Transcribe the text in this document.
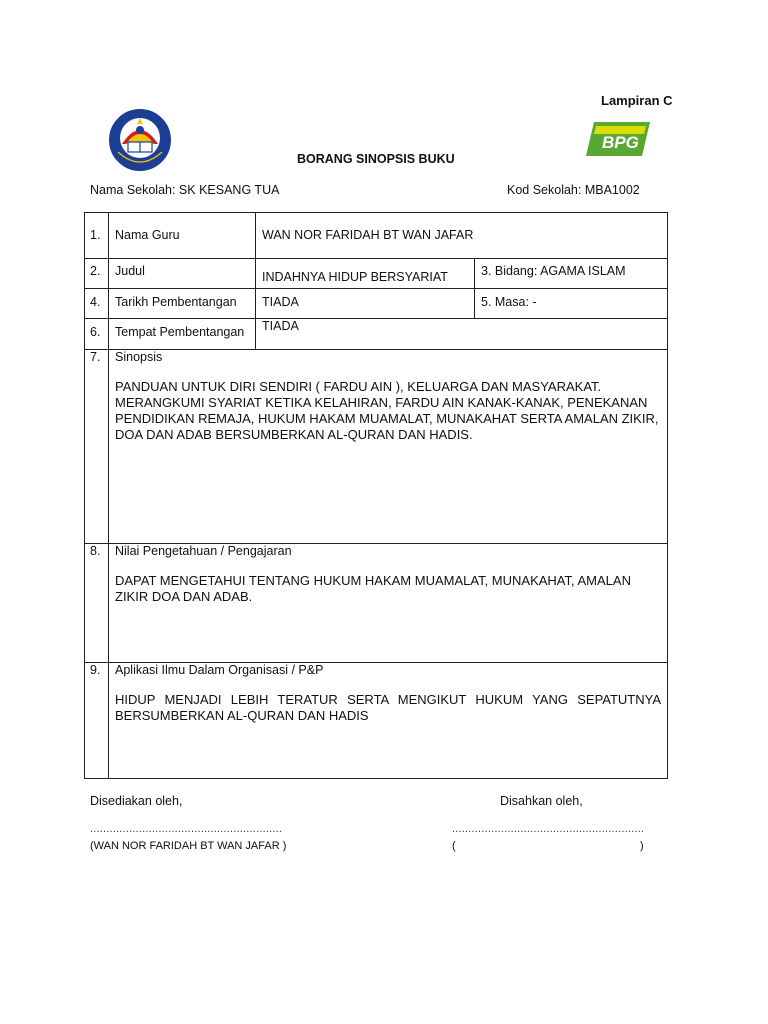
Lampiran C
BPG
BORANG SINOPSIS BUKU
Nama Sekolah: SK KESANG TUA	Kod Sekolah: MBA1002
1.	Nama Guru	WAN NOR FARIDAH BT WAN JAFAR	
2.	Judul	INDAHNYA HIDUP BERSYARIAT	3. Bidang: AGAMA ISLAM
4.	Tarikh Pembentangan	TIADA	5. Masa: -
6.	Tempat Pembentangan	TIADA	
7.	Sinopsis
PANDUAN UNTUK DIRI SENDIRI ( FARDU AIN ), KELUARGA DAN MASYARAKAT. MERANGKUMI SYARIAT KETIKA KELAHIRAN, FARDU AIN KANAK-KANAK, PENEKANAN PENDIDIKAN REMAJA, HUKUM HAKAM MUAMALAT, MUNAKAHAT SERTA AMALAN ZIKIR, DOA DAN ADAB BERSUMBERKAN AL-QURAN DAN HADIS.		

8.	Nilai Pengetahuan / Pengajaran
DAPAT MENGETAHUI TENTANG HUKUM HAKAM MUAMALAT, MUNAKAHAT, AMALAN ZIKIR DOA DAN ADAB.		

9.	Aplikasi Ilmu Dalam Organisasi / P&P
HIDUP MENJADI LEBIH TERATUR SERTA MENGIKUT HUKUM YANG SEPATUTNYA BERSUMBERKAN AL-QURAN DAN HADIS		
Disediakan oleh,	Disahkan oleh,
...........................................................	...........................................................
(WAN NOR FARIDAH BT WAN JAFAR )	(	)
